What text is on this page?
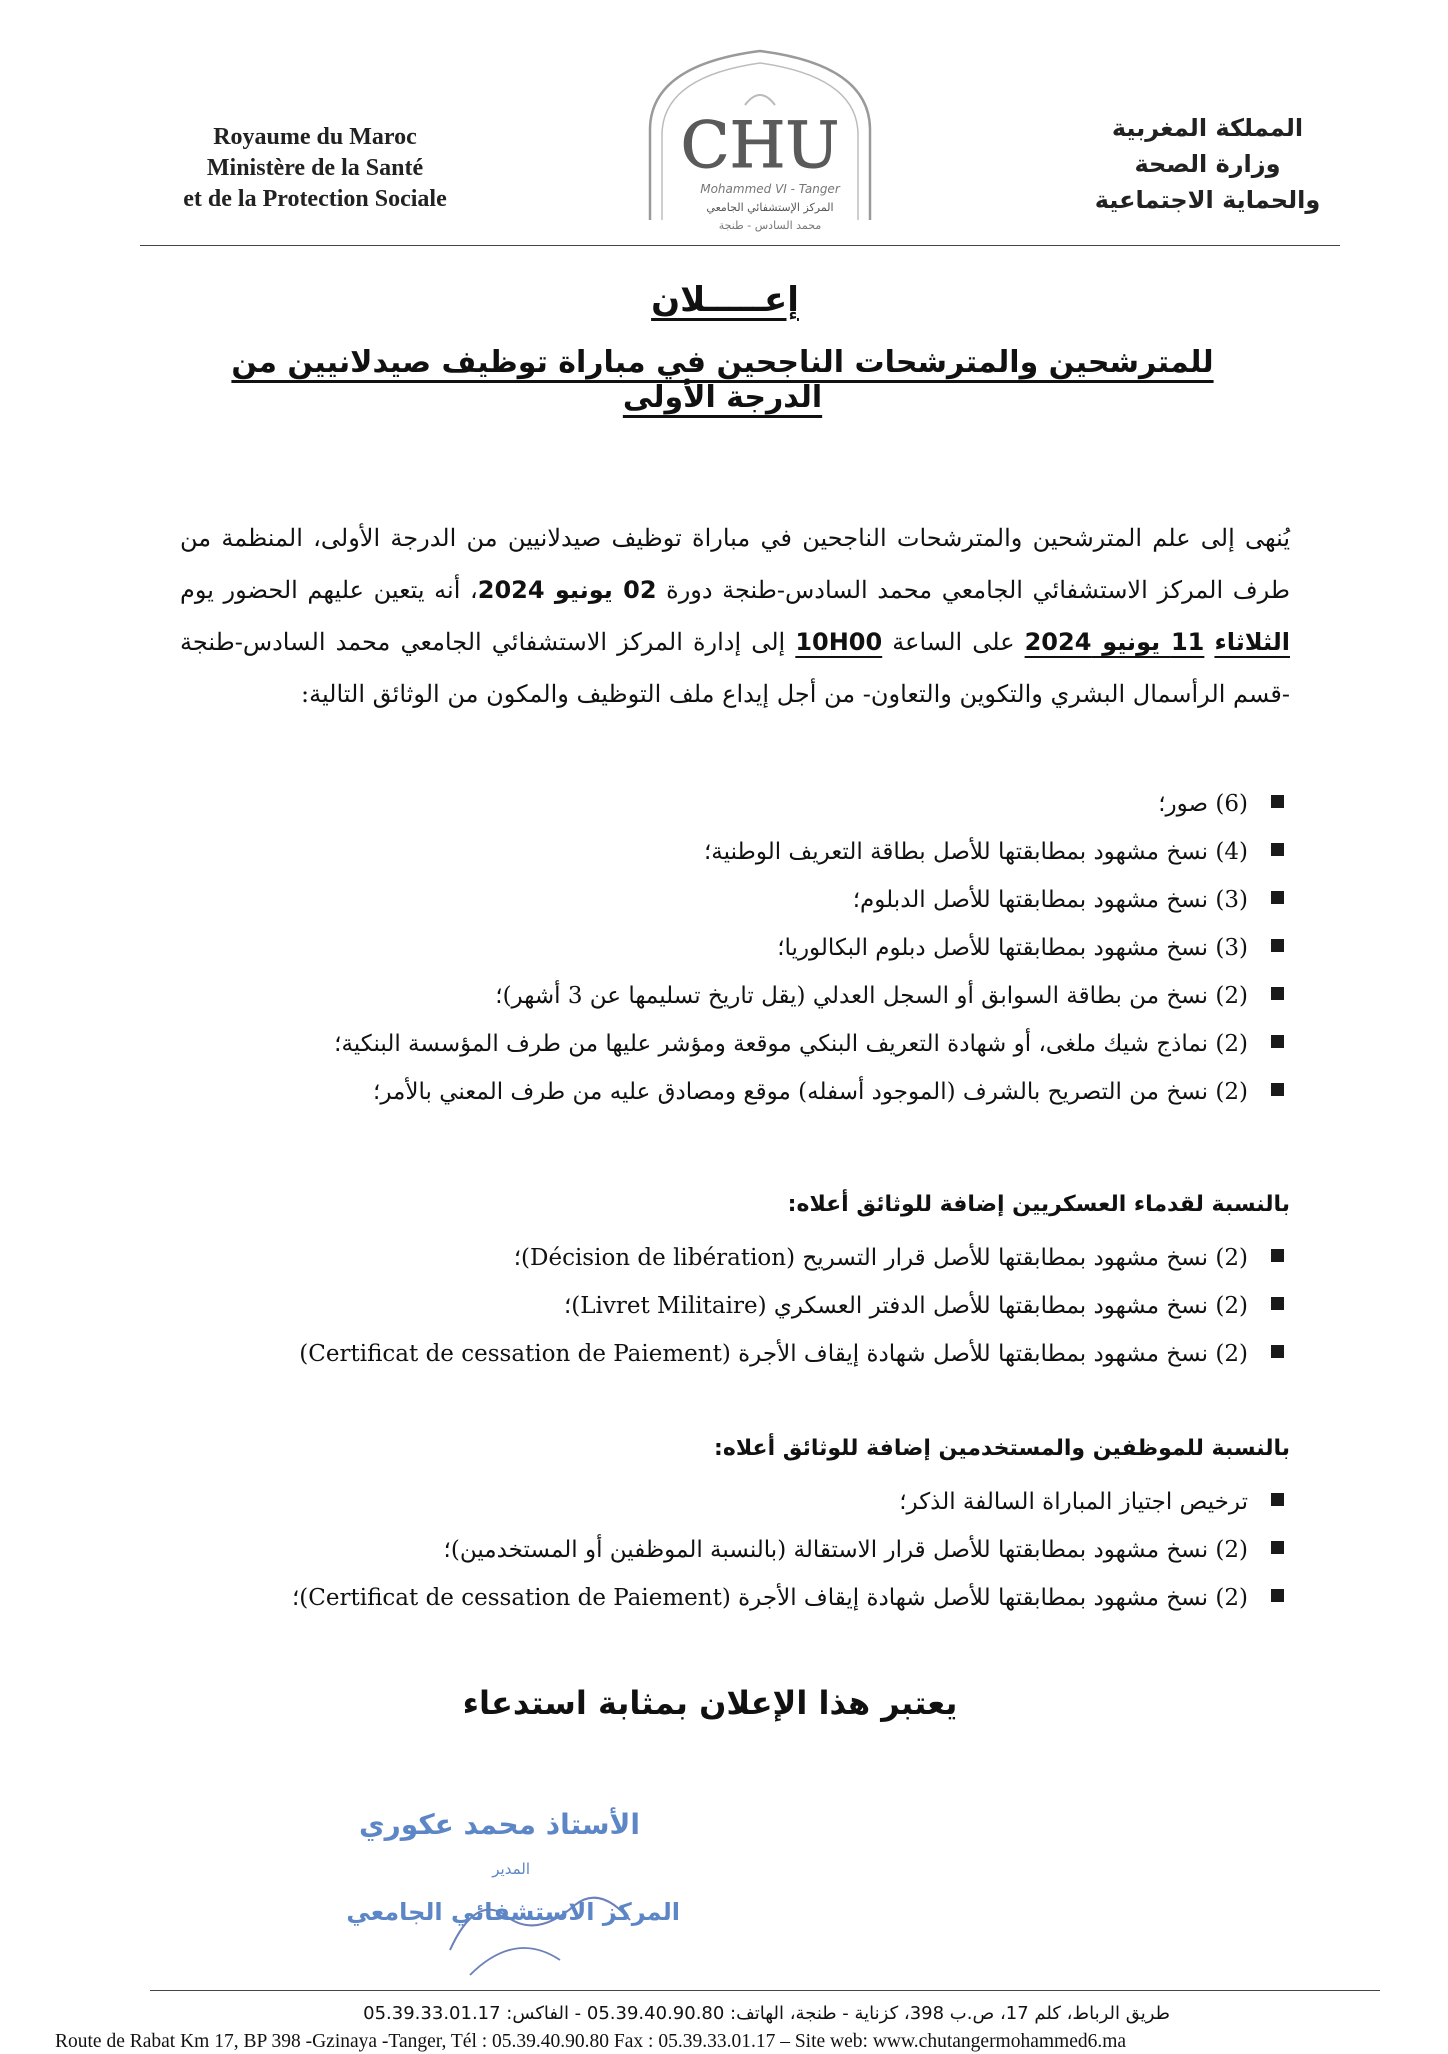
Royaume du Maroc
Ministère de la Santé
et de la Protection Sociale
CHU
Mohammed VI - Tanger
المركز الإستشفائي الجامعي
محمد السادس - طنجة
المملكة المغربية
وزارة الصحة
والحماية الاجتماعية
إعـــــلان
للمترشحين والمترشحات الناجحين في مباراة توظيف صيدلانيين من الدرجة الأولى
يُنهى إلى علم المترشحين والمترشحات الناجحين في مباراة توظيف صيدلانيين من الدرجة الأولى، المنظمة من طرف المركز الاستشفائي الجامعي محمد السادس-طنجة دورة 02 يونيو 2024، أنه يتعين عليهم الحضور يوم الثلاثاء 11 يونيو 2024 على الساعة 10H00 إلى إدارة المركز الاستشفائي الجامعي محمد السادس-طنجة -قسم الرأسمال البشري والتكوين والتعاون- من أجل إيداع ملف التوظيف والمكون من الوثائق التالية:
(6) صور؛
(4) نسخ مشهود بمطابقتها للأصل بطاقة التعريف الوطنية؛
(3) نسخ مشهود بمطابقتها للأصل الدبلوم؛
(3) نسخ مشهود بمطابقتها للأصل دبلوم البكالوريا؛
(2) نسخ من بطاقة السوابق أو السجل العدلي (يقل تاريخ تسليمها عن 3 أشهر)؛
(2) نماذج شيك ملغى، أو شهادة التعريف البنكي موقعة ومؤشر عليها من طرف المؤسسة البنكية؛
(2) نسخ من التصريح بالشرف (الموجود أسفله) موقع ومصادق عليه من طرف المعني بالأمر؛
بالنسبة لقدماء العسكريين إضافة للوثائق أعلاه:
(2) نسخ مشهود بمطابقتها للأصل قرار التسريح (Décision de libération)؛
(2) نسخ مشهود بمطابقتها للأصل الدفتر العسكري (Livret Militaire)؛
(2) نسخ مشهود بمطابقتها للأصل شهادة إيقاف الأجرة (Certificat de cessation de Paiement)
بالنسبة للموظفين والمستخدمين إضافة للوثائق أعلاه:
ترخيص اجتياز المباراة السالفة الذكر؛
(2) نسخ مشهود بمطابقتها للأصل قرار الاستقالة (بالنسبة الموظفين أو المستخدمين)؛
(2) نسخ مشهود بمطابقتها للأصل شهادة إيقاف الأجرة (Certificat de cessation de Paiement)؛
يعتبر هذا الإعلان بمثابة استدعاء
الأستاذ محمد عكوري
المدير
المركز الاستشفائي الجامعي
طريق الرباط، كلم 17، ص.ب 398، كزناية - طنجة، الهاتف: 05.39.40.90.80 - الفاكس: 05.39.33.01.17
Route de Rabat Km 17, BP 398 -Gzinaya -Tanger, Tél : 05.39.40.90.80 Fax : 05.39.33.01.17 – Site web: www.chutangermohammed6.ma
